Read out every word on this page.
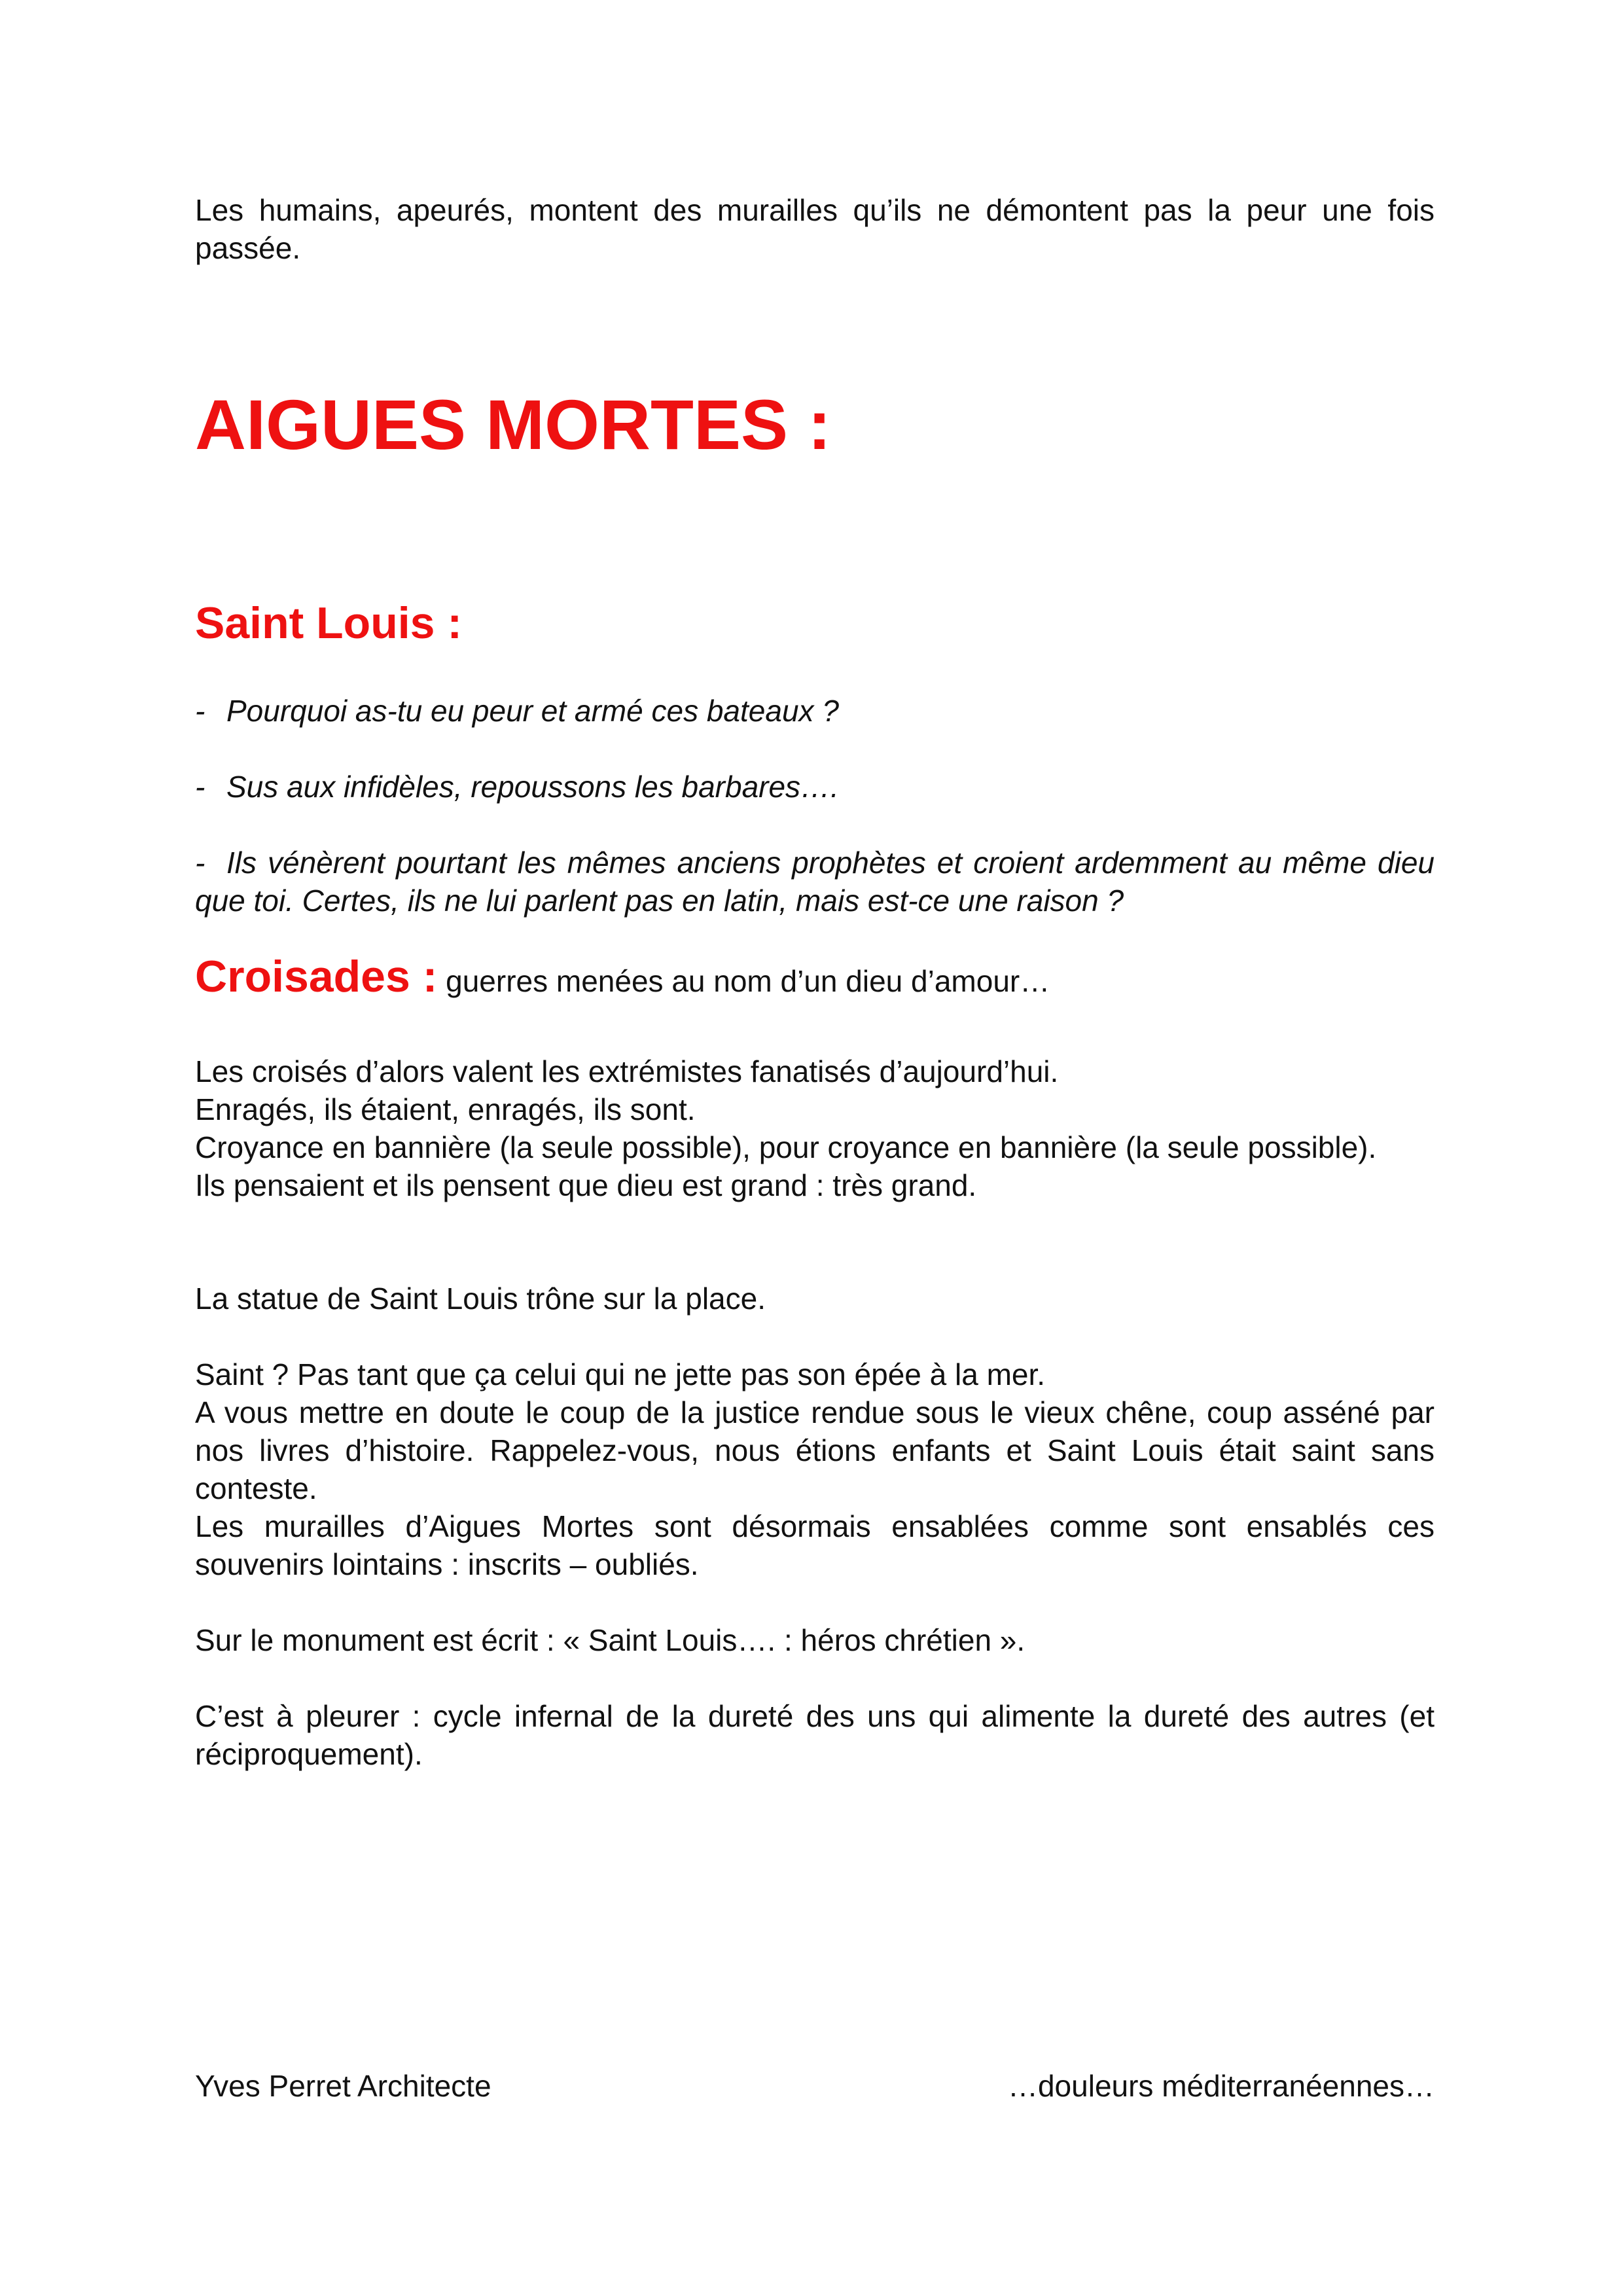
Les humains, apeurés, montent des murailles qu’ils ne démontent pas la peur une fois passée.

AIGUES MORTES :
Saint Louis :

- Pourquoi as-tu eu peur et armé ces bateaux ?

- Sus aux infidèles, repoussons les barbares….

- Ils vénèrent pourtant les mêmes anciens prophètes et croient ardemment au même dieu que toi. Certes, ils ne lui parlent pas en latin, mais est-ce une raison ?

Croisades : guerres menées au nom d’un dieu d’amour…

Les croisés d’alors valent les extrémistes fanatisés d’aujourd’hui.

Enragés, ils étaient, enragés, ils sont.

Croyance en bannière (la seule possible), pour croyance en bannière (la seule possible).

Ils pensaient et ils pensent que dieu est grand : très grand.

La statue de Saint Louis trône sur la place.

Saint ? Pas tant que ça celui qui ne jette pas son épée à la mer.

A vous mettre en doute le coup de la justice rendue sous le vieux chêne, coup asséné par nos livres d’histoire. Rappelez-vous, nous étions enfants et Saint Louis était saint sans conteste.

Les murailles d’Aigues Mortes sont désormais ensablées comme sont ensablés ces souvenirs lointains : inscrits – oubliés.

Sur le monument est écrit : « Saint Louis…. : héros chrétien ».

C’est à pleurer : cycle infernal de la dureté des uns qui alimente la dureté des autres (et réciproquement).

Yves Perret Architecte	…douleurs méditerranéennes…
